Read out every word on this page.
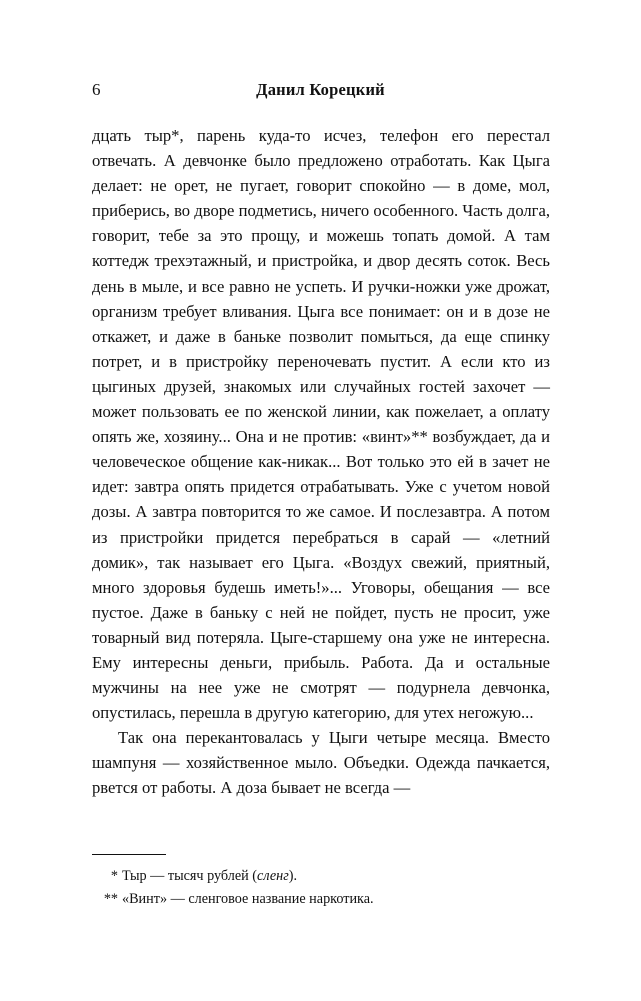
6	Данил Корецкий

дцать тыр*, парень куда-то исчез, телефон его перестал отвечать. А девчонке было предложено отработать. Как Цыга делает: не орет, не пугает, говорит спокойно — в доме, мол, приберись, во дворе подметись, ничего особенного. Часть долга, говорит, тебе за это прощу, и можешь топать домой. А там коттедж трехэтажный, и пристройка, и двор десять соток. Весь день в мыле, и все равно не успеть. И ручки-ножки уже дрожат, организм требует вливания. Цыга все понимает: он и в дозе не откажет, и даже в баньке позволит помыться, да еще спинку потрет, и в пристройку переночевать пустит. А если кто из цыгиных друзей, знакомых или случайных гостей захочет — может пользовать ее по женской линии, как пожелает, а оплату опять же, хозяину... Она и не против: «винт»** возбуждает, да и человеческое общение как-никак... Вот только это ей в зачет не идет: завтра опять придется отрабатывать. Уже с учетом новой дозы. А завтра повторится то же самое. И послезавтра. А потом из пристройки придется перебраться в сарай — «летний домик», так называет его Цыга. «Воздух свежий, приятный, много здоровья будешь иметь!»... Уговоры, обещания — все пустое. Даже в баньку с ней не пойдет, пусть не просит, уже товарный вид потеряла. Цыге-старшему она уже не интересна. Ему интересны деньги, прибыль. Работа. Да и остальные мужчины на нее уже не смотрят — подурнела девчонка, опустилась, перешла в другую категорию, для утех негожую...

Так она перекантовалась у Цыги четыре месяца. Вместо шампуня — хозяйственное мыло. Объедки. Одежда пачкается, рвется от работы. А доза бывает не всегда —

* Тыр — тысяч рублей (сленг).

** «Винт» — сленговое название наркотика.
